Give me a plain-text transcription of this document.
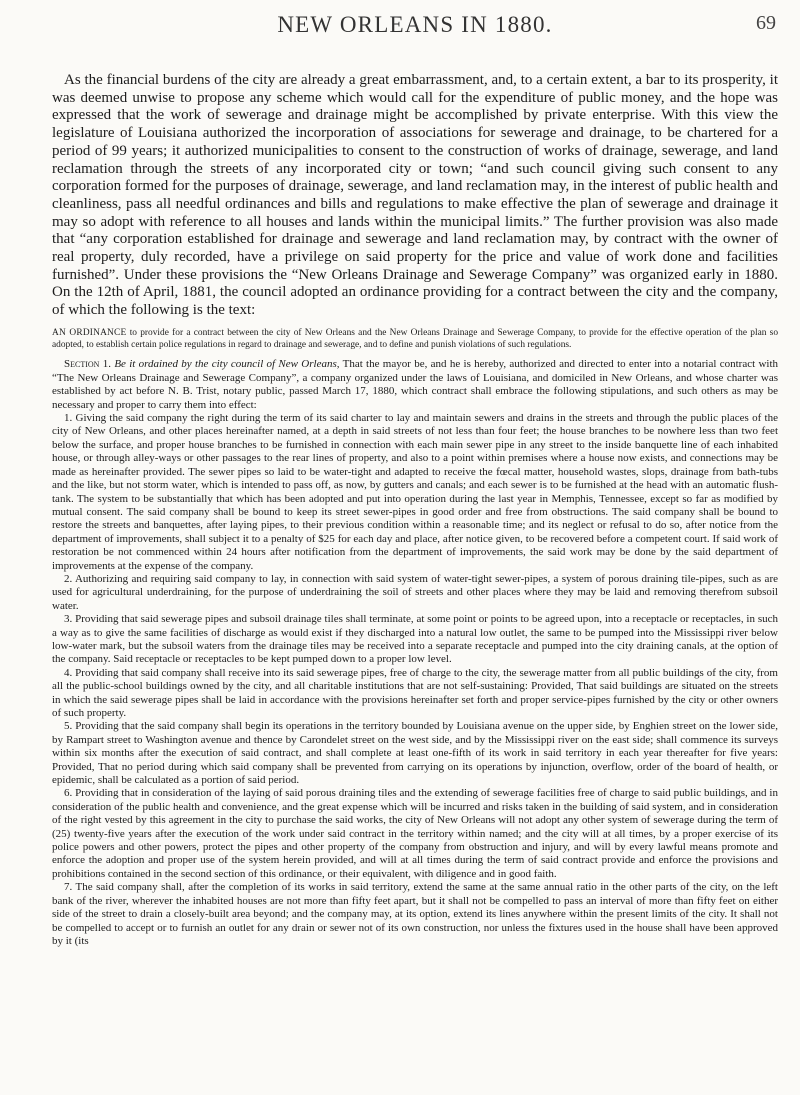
NEW ORLEANS IN 1880.	69

As the financial burdens of the city are already a great embarrassment, and, to a certain extent, a bar to its prosperity, it was deemed unwise to propose any scheme which would call for the expenditure of public money, and the hope was expressed that the work of sewerage and drainage might be accomplished by private enterprise. With this view the legislature of Louisiana authorized the incorporation of associations for sewerage and drainage, to be chartered for a period of 99 years; it authorized municipalities to consent to the construction of works of drainage, sewerage, and land reclamation through the streets of any incorporated city or town; “and such council giving such consent to any corporation formed for the purposes of drainage, sewerage, and land reclamation may, in the interest of public health and cleanliness, pass all needful ordinances and bills and regulations to make effective the plan of sewerage and drainage it may so adopt with reference to all houses and lands within the municipal limits.” The further provision was also made that “any corporation established for drainage and sewerage and land reclamation may, by contract with the owner of real property, duly recorded, have a privilege on said property for the price and value of work done and facilities furnished”. Under these provisions the “New Orleans Drainage and Sewerage Company” was organized early in 1880. On the 12th of April, 1881, the council adopted an ordinance providing for a contract between the city and the company, of which the following is the text:

AN ORDINANCE to provide for a contract between the city of New Orleans and the New Orleans Drainage and Sewerage Company, to provide for the effective operation of the plan so adopted, to establish certain police regulations in regard to drainage and sewerage, and to define and punish violations of such regulations.

Section 1. Be it ordained by the city council of New Orleans, That the mayor be, and he is hereby, authorized and directed to enter into a notarial contract with “The New Orleans Drainage and Sewerage Company”, a company organized under the laws of Louisiana, and domiciled in New Orleans, and whose charter was established by act before N. B. Trist, notary public, passed March 17, 1880, which contract shall embrace the following stipulations, and such others as may be necessary and proper to carry them into effect:

1. Giving the said company the right during the term of its said charter to lay and maintain sewers and drains in the streets and through the public places of the city of New Orleans, and other places hereinafter named, at a depth in said streets of not less than four feet; the house branches to be nowhere less than two feet below the surface, and proper house branches to be furnished in connection with each main sewer pipe in any street to the inside banquette line of each inhabited house, or through alley-ways or other passages to the rear lines of property, and also to a point within premises where a house now exists, and connections may be made as hereinafter provided. The sewer pipes so laid to be water-tight and adapted to receive the fœcal matter, household wastes, slops, drainage from bath-tubs and the like, but not storm water, which is intended to pass off, as now, by gutters and canals; and each sewer is to be furnished at the head with an automatic flush-tank. The system to be substantially that which has been adopted and put into operation during the last year in Memphis, Tennessee, except so far as modified by mutual consent. The said company shall be bound to keep its street sewer-pipes in good order and free from obstructions. The said company shall be bound to restore the streets and banquettes, after laying pipes, to their previous condition within a reasonable time; and its neglect or refusal to do so, after notice from the department of improvements, shall subject it to a penalty of $25 for each day and place, after notice given, to be recovered before a competent court. If said work of restoration be not commenced within 24 hours after notification from the department of improvements, the said work may be done by the said department of improvements at the expense of the company.

2. Authorizing and requiring said company to lay, in connection with said system of water-tight sewer-pipes, a system of porous draining tile-pipes, such as are used for agricultural underdraining, for the purpose of underdraining the soil of streets and other places where they may be laid and removing therefrom subsoil water.

3. Providing that said sewerage pipes and subsoil drainage tiles shall terminate, at some point or points to be agreed upon, into a receptacle or receptacles, in such a way as to give the same facilities of discharge as would exist if they discharged into a natural low outlet, the same to be pumped into the Mississippi river below low-water mark, but the subsoil waters from the drainage tiles may be received into a separate receptacle and pumped into the city draining canals, at the option of the company. Said receptacle or receptacles to be kept pumped down to a proper low level.

4. Providing that said company shall receive into its said sewerage pipes, free of charge to the city, the sewerage matter from all public buildings of the city, from all the public-school buildings owned by the city, and all charitable institutions that are not self-sustaining: Provided, That said buildings are situated on the streets in which the said sewerage pipes shall be laid in accordance with the provisions hereinafter set forth and proper service-pipes furnished by the city or other owners of such property.

5. Providing that the said company shall begin its operations in the territory bounded by Louisiana avenue on the upper side, by Enghien street on the lower side, by Rampart street to Washington avenue and thence by Carondelet street on the west side, and by the Mississippi river on the east side; shall commence its surveys within six months after the execution of said contract, and shall complete at least one-fifth of its work in said territory in each year thereafter for five years: Provided, That no period during which said company shall be prevented from carrying on its operations by injunction, overflow, order of the board of health, or epidemic, shall be calculated as a portion of said period.

6. Providing that in consideration of the laying of said porous draining tiles and the extending of sewerage facilities free of charge to said public buildings, and in consideration of the public health and convenience, and the great expense which will be incurred and risks taken in the building of said system, and in consideration of the right vested by this agreement in the city to purchase the said works, the city of New Orleans will not adopt any other system of sewerage during the term of (25) twenty-five years after the execution of the work under said contract in the territory within named; and the city will at all times, by a proper exercise of its police powers and other powers, protect the pipes and other property of the company from obstruction and injury, and will by every lawful means promote and enforce the adoption and proper use of the system herein provided, and will at all times during the term of said contract provide and enforce the provisions and prohibitions contained in the second section of this ordinance, or their equivalent, with diligence and in good faith.

7. The said company shall, after the completion of its works in said territory, extend the same at the same annual ratio in the other parts of the city, on the left bank of the river, wherever the inhabited houses are not more than fifty feet apart, but it shall not be compelled to pass an interval of more than fifty feet on either side of the street to drain a closely-built area beyond; and the company may, at its option, extend its lines anywhere within the present limits of the city. It shall not be compelled to accept or to furnish an outlet for any drain or sewer not of its own construction, nor unless the fixtures used in the house shall have been approved by it (its
